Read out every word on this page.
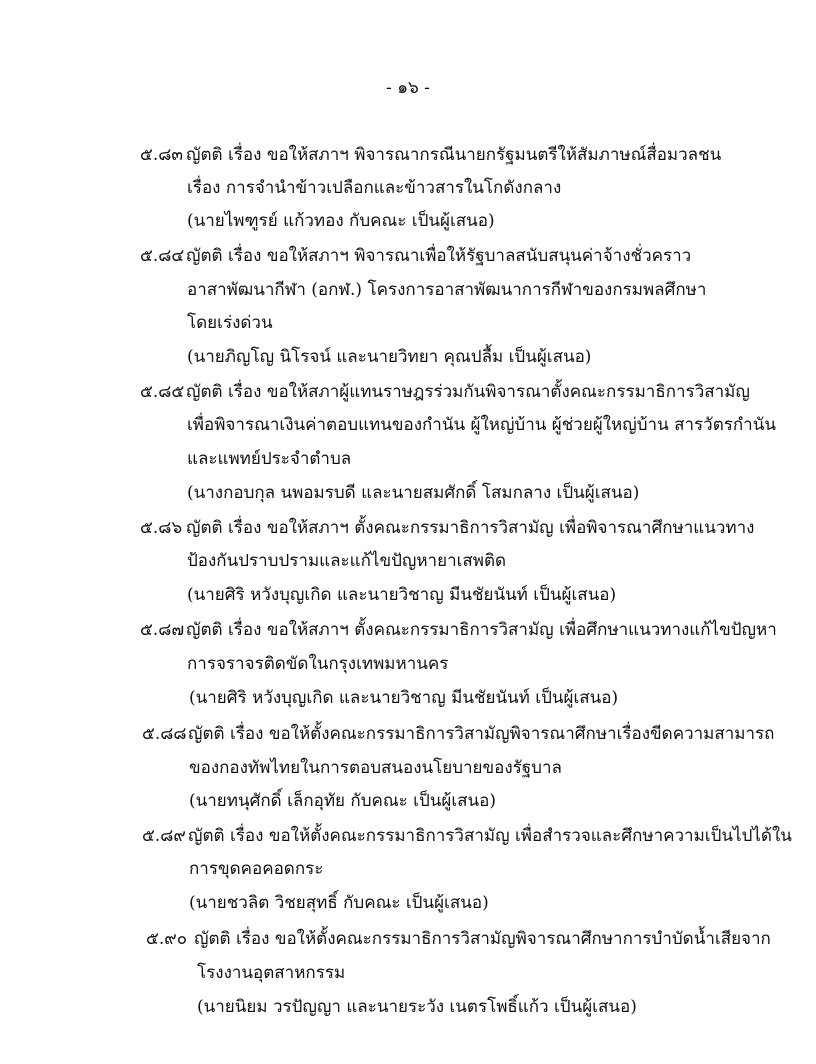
- ๑๖ -
๕.๘๓ ญัตติ เรื่อง ขอให้สภาฯ พิจารณากรณีนายกรัฐมนตรีให้สัมภาษณ์สื่อมวลชน
เรื่อง การจำนำข้าวเปลือกและข้าวสารในโกดังกลาง
(นายไพฑูรย์ แก้วทอง กับคณะ เป็นผู้เสนอ)
๕.๘๔ ญัตติ เรื่อง ขอให้สภาฯ พิจารณาเพื่อให้รัฐบาลสนับสนุนค่าจ้างชั่วคราว
อาสาพัฒนากีฬา (อกฬ.) โครงการอาสาพัฒนาการกีฬาของกรมพลศึกษา
โดยเร่งด่วน
(นายภิญโญ นิโรจน์ และนายวิทยา คุณปลื้ม เป็นผู้เสนอ)
๕.๘๕ ญัตติ เรื่อง ขอให้สภาผู้แทนราษฎรร่วมกันพิจารณาตั้งคณะกรรมาธิการวิสามัญ
เพื่อพิจารณาเงินค่าตอบแทนของกำนัน ผู้ใหญ่บ้าน ผู้ช่วยผู้ใหญ่บ้าน สารวัตรกำนัน
และแพทย์ประจำตำบล
(นางกอบกุล นพอมรบดี และนายสมศักดิ์ โสมกลาง เป็นผู้เสนอ)
๕.๘๖ ญัตติ เรื่อง ขอให้สภาฯ ตั้งคณะกรรมาธิการวิสามัญ เพื่อพิจารณาศึกษาแนวทาง
ป้องกันปราบปรามและแก้ไขปัญหายาเสพติด
(นายศิริ หวังบุญเกิด และนายวิชาญ มีนชัยนันท์ เป็นผู้เสนอ)
๕.๘๗ ญัตติ เรื่อง ขอให้สภาฯ ตั้งคณะกรรมาธิการวิสามัญ เพื่อศึกษาแนวทางแก้ไขปัญหา
การจราจรติดขัดในกรุงเทพมหานคร
(นายศิริ หวังบุญเกิด และนายวิชาญ มีนชัยนันท์ เป็นผู้เสนอ)
๕.๘๘ ญัตติ เรื่อง ขอให้ตั้งคณะกรรมาธิการวิสามัญพิจารณาศึกษาเรื่องขีดความสามารถ
ของกองทัพไทยในการตอบสนองนโยบายของรัฐบาล
(นายทนุศักดิ์ เล็กอุทัย กับคณะ เป็นผู้เสนอ)
๕.๘๙ ญัตติ เรื่อง ขอให้ตั้งคณะกรรมาธิการวิสามัญ เพื่อสำรวจและศึกษาความเป็นไปได้ใน
การขุดคอคอดกระ
(นายชวลิต วิชยสุทธิ์ กับคณะ เป็นผู้เสนอ)
๕.๙๐ ญัตติ เรื่อง ขอให้ตั้งคณะกรรมาธิการวิสามัญพิจารณาศึกษาการบำบัดน้ำเสียจาก
โรงงานอุตสาหกรรม
(นายนิยม วรปัญญา และนายระวัง เนตรโพธิ์แก้ว เป็นผู้เสนอ)
